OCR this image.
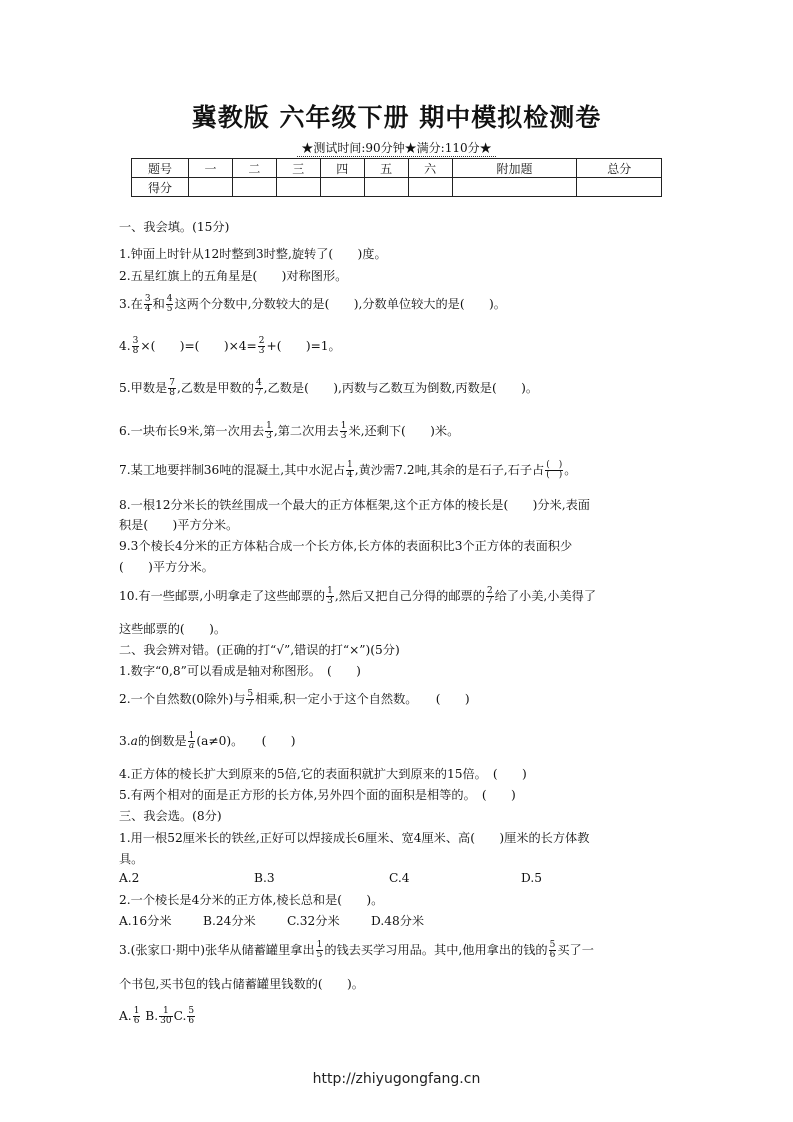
冀教版 六年级下册 期中模拟检测卷
★测试时间:90分钟★满分:110分★
题号	一	二	三	四	五	六	附加题	总分
得分								
一、我会填。(15分)
1.钟面上时针从12时整到3时整,旋转了(　　)度。
2.五星红旗上的五角星是(　　)对称图形。
3.在 $\frac{3}{4}$ 和 $\frac{4}{5}$ 这两个分数中,分数较大的是(　　),分数单位较大的是(　　)。
4. $\frac{3}{8}$ ×(　　)=(　　)$\times 4= \frac{2}{3}$ +(　　)=1。
5.甲数是 $\frac{7}{8}$ ,乙数是甲数的 $\frac{4}{7}$ ,乙数是(　　),丙数与乙数互为倒数,丙数是(　　)。
6.一块布长9米,第一次用去 $\frac{1}{3}$ ,第二次用去 $\frac{1}{3}$ 米,还剩下(　　)米。
7.某工地要拌制36吨的混凝土,其中水泥占 $\frac{1}{4}$ ,黄沙需7.2吨,其余的是石子,石子占 $\frac{( )}{( )}$ 。
8.一根12分米长的铁丝围成一个最大的正方体框架,这个正方体的棱长是(　　)分米,表面
积是(　　)平方分米。
9.3个棱长4分米的正方体粘合成一个长方体,长方体的表面积比3个正方体的表面积少
(　　)平方分米。
10.有一些邮票,小明拿走了这些邮票的 $\frac{1}{3}$ ,然后又把自己分得的邮票的 $\frac{2}{7}$ 给了小美,小美得了
这些邮票的(　　)。
二、我会辨对错。(正确的打“√”,错误的打“×”)(5分)
1.数字“0,8”可以看成是轴对称图形。　(　　)
2.一个自然数(0除外)与 $\frac{5}{7}$ 相乘,积一定小于这个自然数。　　(　　)
3.a的倒数是 $\frac{1}{a} (a\ne 0)$。　　(　　)
4.正方体的棱长扩大到原来的5倍,它的表面积就扩大到原来的15倍。　(　　)
5.有两个相对的面是正方形的长方体,另外四个面的面积是相等的。　(　　)
三、我会选。(8分)
1.用一根52厘米长的铁丝,正好可以焊接成长6厘米、宽4厘米、高(　　)厘米的长方体教
具。
A.2	B.3	C.4	D.5
2.一个棱长是4分米的正方体,棱长总和是(　　)。
A.16分米	B.24分米	C.32分米	D.48分米
3.(张家口·期中)张华从储蓄罐里拿出 $\frac{1}{5}$ 的钱去买学习用品。其中,他用拿出的钱的 $\frac{5}{6}$ 买了一
个书包,买书包的钱占储蓄罐里钱数的(　　)。
A. $\frac{1}{6} B$. $\frac{1}{30} C$. $\frac{5}{6}$
http://zhiyugongfang.cn
